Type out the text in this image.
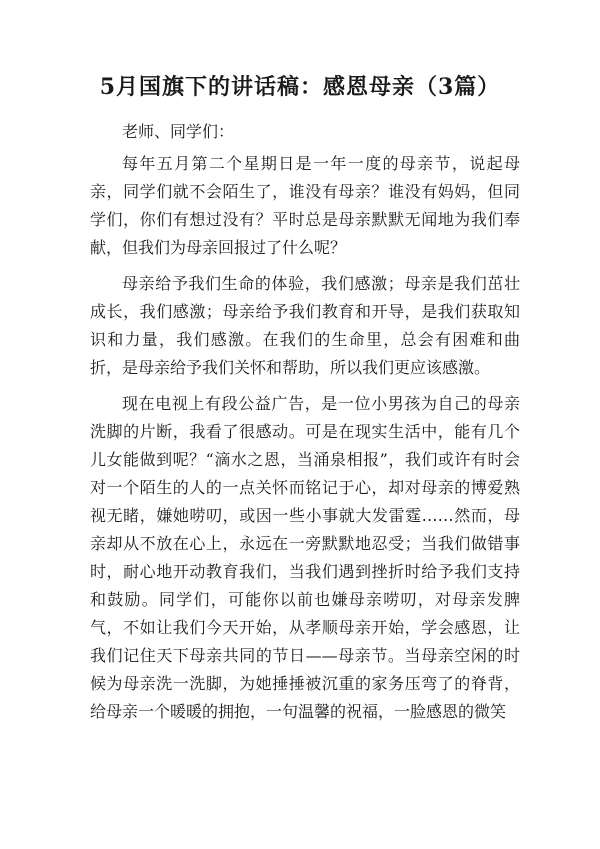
5月国旗下的讲话稿：感恩母亲（3篇）

老师、同学们：

每年五月第二个星期日是一年一度的母亲节，说起母亲，同学们就不会陌生了，谁没有母亲？谁没有妈妈，但同学们，你们有想过没有？平时总是母亲默默无闻地为我们奉献，但我们为母亲回报过了什么呢？

母亲给予我们生命的体验，我们感激；母亲是我们茁壮成长，我们感激；母亲给予我们教育和开导，是我们获取知识和力量，我们感激。在我们的生命里，总会有困难和曲折，是母亲给予我们关怀和帮助，所以我们更应该感激。

现在电视上有段公益广告，是一位小男孩为自己的母亲洗脚的片断，我看了很感动。可是在现实生活中，能有几个儿女能做到呢？“滴水之恩，当涌泉相报”，我们或许有时会对一个陌生的人的一点关怀而铭记于心，却对母亲的博爱熟视无睹，嫌她唠叨，或因一些小事就大发雷霆……然而，母亲却从不放在心上，永远在一旁默默地忍受；当我们做错事时，耐心地开动教育我们，当我们遇到挫折时给予我们支持和鼓励。同学们，可能你以前也嫌母亲唠叨，对母亲发脾气，不如让我们今天开始，从孝顺母亲开始，学会感恩，让我们记住天下母亲共同的节日——母亲节。当母亲空闲的时候为母亲洗一洗脚，为她捶捶被沉重的家务压弯了的脊背，给母亲一个暖暖的拥抱，一句温馨的祝福，一脸感恩的微笑
